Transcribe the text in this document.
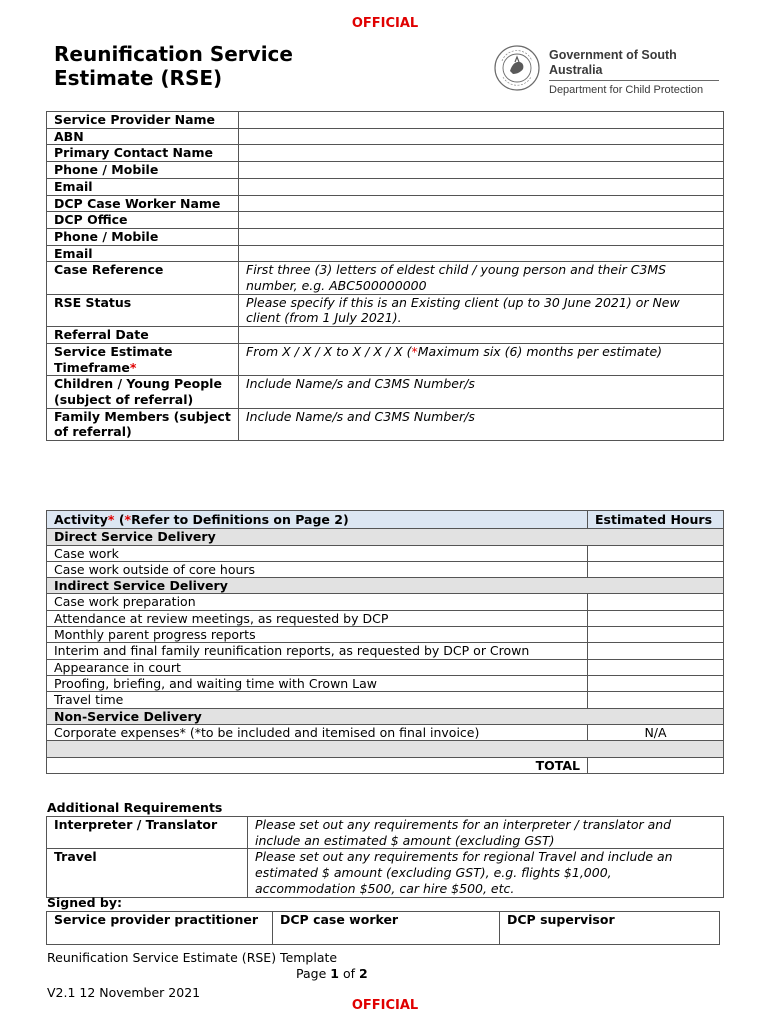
OFFICIAL
Reunification Service
Estimate (RSE)
Government of South Australia
Department for Child Protection
Service Provider Name	
ABN	
Primary Contact Name	
Phone / Mobile	
Email	
DCP Case Worker Name	
DCP Office	
Phone / Mobile	
Email	
Case Reference	First three (3) letters of eldest child / young person and their C3MS number, e.g. ABC500000000
RSE Status	Please specify if this is an Existing client (up to 30 June 2021) or New client (from 1 July 2021).
Referral Date	
Service Estimate Timeframe*	From X / X / X to X / X / X (*Maximum six (6) months per estimate)
Children / Young People (subject of referral)	Include Name/s and C3MS Number/s
Family Members (subject of referral)	Include Name/s and C3MS Number/s
Activity* (*Refer to Definitions on Page 2)	Estimated Hours
Direct Service Delivery	
Case work	
Case work outside of core hours	
Indirect Service Delivery	
Case work preparation	
Attendance at review meetings, as requested by DCP	
Monthly parent progress reports	
Interim and final family reunification reports, as requested by DCP or Crown	
Appearance in court	
Proofing, briefing, and waiting time with Crown Law	
Travel time	
Non-Service Delivery	
Corporate expenses* (*to be included and itemised on final invoice)	N/A

TOTAL	
Additional Requirements
Interpreter / Translator	Please set out any requirements for an interpreter / translator and include an estimated $ amount (excluding GST)
Travel	Please set out any requirements for regional Travel and include an estimated $ amount (excluding GST), e.g. flights $1,000, accommodation $500, car hire $500, etc.
Signed by:
Service provider practitioner	DCP case worker	DCP supervisor
Reunification Service Estimate (RSE) Template
Page 1 of 2
V2.1 12 November 2021
OFFICIAL
